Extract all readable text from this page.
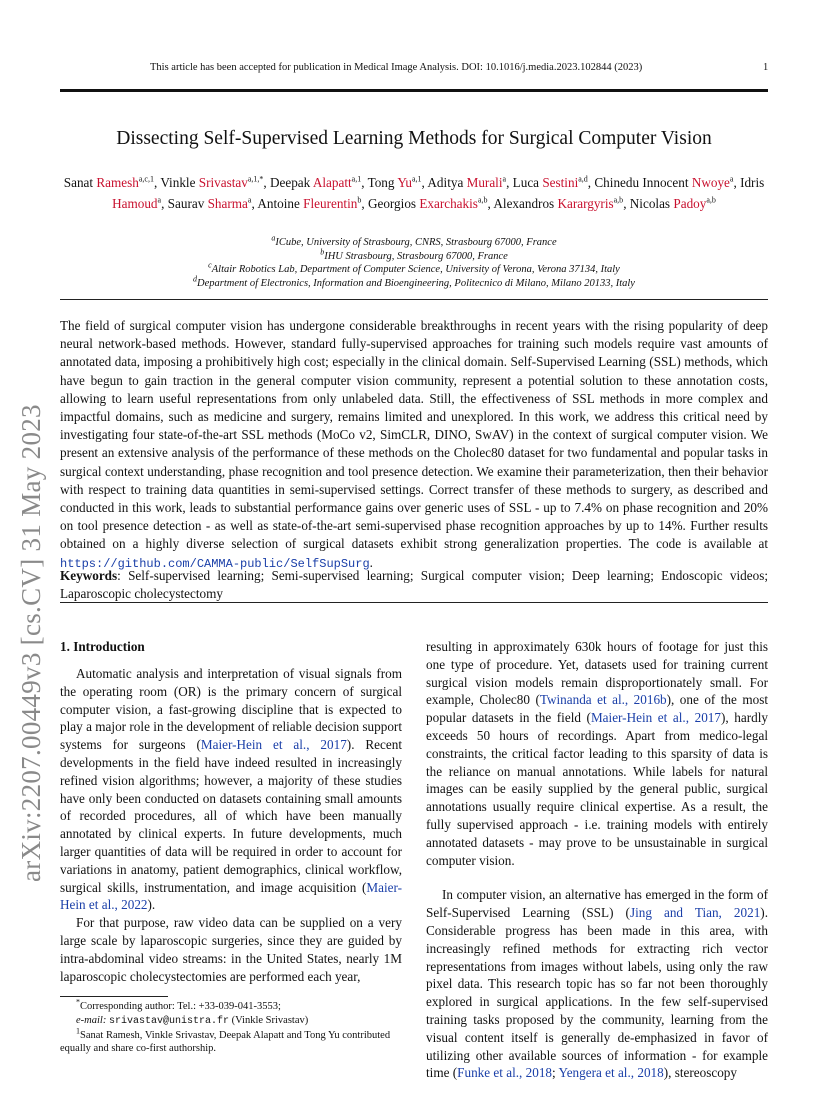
This article has been accepted for publication in Medical Image Analysis. DOI: 10.1016/j.media.2023.102844 (2023)	1
arXiv:2207.00449v3 [cs.CV] 31 May 2023
Dissecting Self-Supervised Learning Methods for Surgical Computer Vision
Sanat Ramesh$^{a,c,1}$, Vinkle Srivastav$^{a,1,*}$, Deepak Alapatt$^{a,1}$, Tong Yu$^{a,1}$, Aditya Murali$^a$, Luca Sestini$^{a,d}$, Chinedu Innocent Nwoye$^a$, Idris Hamoud$^a$, Saurav Sharma$^a$, Antoine Fleurentin$^b$, Georgios Exarchakis$^{a,b}$, Alexandros Karargyris$^{a,b}$, Nicolas Padoy$^{a,b}$
$^a$ICube, University of Strasbourg, CNRS, Strasbourg 67000, France
$^b$IHU Strasbourg, Strasbourg 67000, France
$^c$Altair Robotics Lab, Department of Computer Science, University of Verona, Verona 37134, Italy
$^d$Department of Electronics, Information and Bioengineering, Politecnico di Milano, Milano 20133, Italy
The field of surgical computer vision has undergone considerable breakthroughs in recent years with the rising popularity of deep neural network-based methods. However, standard fully-supervised approaches for training such models require vast amounts of annotated data, imposing a prohibitively high cost; especially in the clinical domain. Self-Supervised Learning (SSL) methods, which have begun to gain traction in the general computer vision community, represent a potential solution to these annotation costs, allowing to learn useful representations from only unlabeled data. Still, the effectiveness of SSL methods in more complex and impactful domains, such as medicine and surgery, remains limited and unexplored. In this work, we address this critical need by investigating four state-of-the-art SSL methods (MoCo v2, SimCLR, DINO, SwAV) in the context of surgical computer vision. We present an extensive analysis of the performance of these methods on the Cholec80 dataset for two fundamental and popular tasks in surgical context understanding, phase recognition and tool presence detection. We examine their parameterization, then their behavior with respect to training data quantities in semi-supervised settings. Correct transfer of these methods to surgery, as described and conducted in this work, leads to substantial performance gains over generic uses of SSL - up to 7.4% on phase recognition and 20% on tool presence detection - as well as state-of-the-art semi-supervised phase recognition approaches by up to 14%. Further results obtained on a highly diverse selection of surgical datasets exhibit strong generalization properties. The code is available at https://github.com/CAMMA-public/SelfSupSurg.
Keywords: Self-supervised learning; Semi-supervised learning; Surgical computer vision; Deep learning; Endoscopic videos; Laparoscopic cholecystectomy
1. Introduction

Automatic analysis and interpretation of visual signals from the operating room (OR) is the primary concern of surgical computer vision, a fast-growing discipline that is expected to play a major role in the development of reliable decision support systems for surgeons (Maier-Hein et al., 2017). Recent developments in the field have indeed resulted in increasingly refined vision algorithms; however, a majority of these studies have only been conducted on datasets containing small amounts of recorded procedures, all of which have been manually annotated by clinical experts. In future developments, much larger quantities of data will be required in order to account for variations in anatomy, patient demographics, clinical workflow, surgical skills, instrumentation, and image acquisition (Maier-Hein et al., 2022).

For that purpose, raw video data can be supplied on a very large scale by laparoscopic surgeries, since they are guided by intra-abdominal video streams: in the United States, nearly 1M laparoscopic cholecystectomies are performed each year,

resulting in approximately 630k hours of footage for just this one type of procedure. Yet, datasets used for training current surgical vision models remain disproportionately small. For example, Cholec80 (Twinanda et al., 2016b), one of the most popular datasets in the field (Maier-Hein et al., 2017), hardly exceeds 50 hours of recordings. Apart from medico-legal constraints, the critical factor leading to this sparsity of data is the reliance on manual annotations. While labels for natural images can be easily supplied by the general public, surgical annotations usually require clinical expertise. As a result, the fully supervised approach - i.e. training models with entirely annotated datasets - may prove to be unsustainable in surgical computer vision.

In computer vision, an alternative has emerged in the form of Self-Supervised Learning (SSL) (Jing and Tian, 2021). Considerable progress has been made in this area, with increasingly refined methods for extracting rich vector representations from images without labels, using only the raw pixel data. This research topic has so far not been thoroughly explored in surgical applications. In the few self-supervised training tasks proposed by the community, learning from the visual content itself is generally de-emphasized in favor of utilizing other available sources of information - for example time (Funke et al., 2018; Yengera et al., 2018), stereoscopy

*Corresponding author: Tel.: +33-039-041-3553;

e-mail: srivastav@unistra.fr (Vinkle Srivastav)

$^1$Sanat Ramesh, Vinkle Srivastav, Deepak Alapatt and Tong Yu contributed equally and share co-first authorship.
